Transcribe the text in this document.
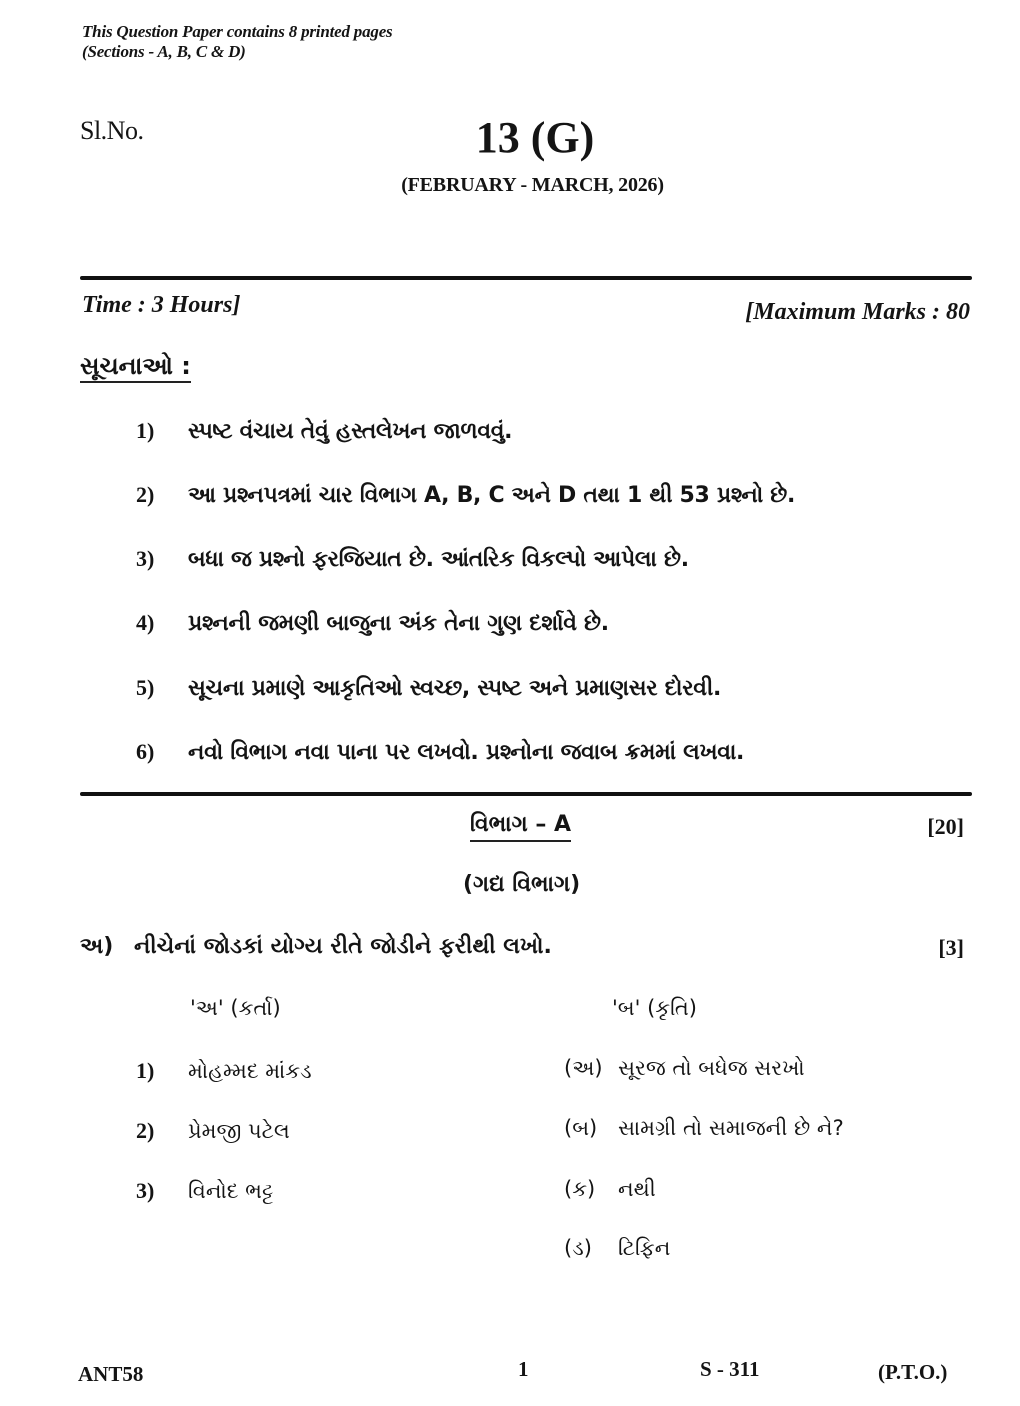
This Question Paper contains 8 printed pages
(Sections - A, B, C & D)
Sl.No.	13 (G)
(FEBRUARY - MARCH, 2026)
Time : 3 Hours]	[Maximum Marks : 80
સૂચનાઓ :
1)	સ્પષ્ટ વંચાય તેવું હસ્તલેખન જાળવવું.
2)	આ પ્રશ્નપત્રમાં ચાર વિભાગ A, B, C અને D તથા 1 થી 53 પ્રશ્નો છે.
3)	બધા જ પ્રશ્નો ફરજિયાત છે. આંતરિક વિકલ્પો આપેલા છે.
4)	પ્રશ્નની જમણી બાજુના અંક તેના ગુણ દર્શાવે છે.
5)	સૂચના પ્રમાણે આકૃતિઓ સ્વચ્છ, સ્પષ્ટ અને પ્રમાણસર દોરવી.
6)	નવો વિભાગ નવા પાના પર લખવો. પ્રશ્નોના જવાબ ક્રમમાં લખવા.
વિભાગ – A	[20]
(ગદ્ય વિભાગ)
અ) નીચેનાં જોડકાં યોગ્ય રીતે જોડીને ફરીથી લખો.	[3]
'અ' (કર્તા)	'બ' (કૃતિ)
1)	મોહમ્મદ માંકડ
2)	પ્રેમજી પટેલ
3)	વિનોદ ભટ્ટ
(અ) સૂરજ તો બધેજ સરખો
(બ) સામગ્રી તો સમાજની છે ને?
(ક)	નથી
(ડ)	ટિફિન
ANT58	1	S - 311	(P.T.O.)
